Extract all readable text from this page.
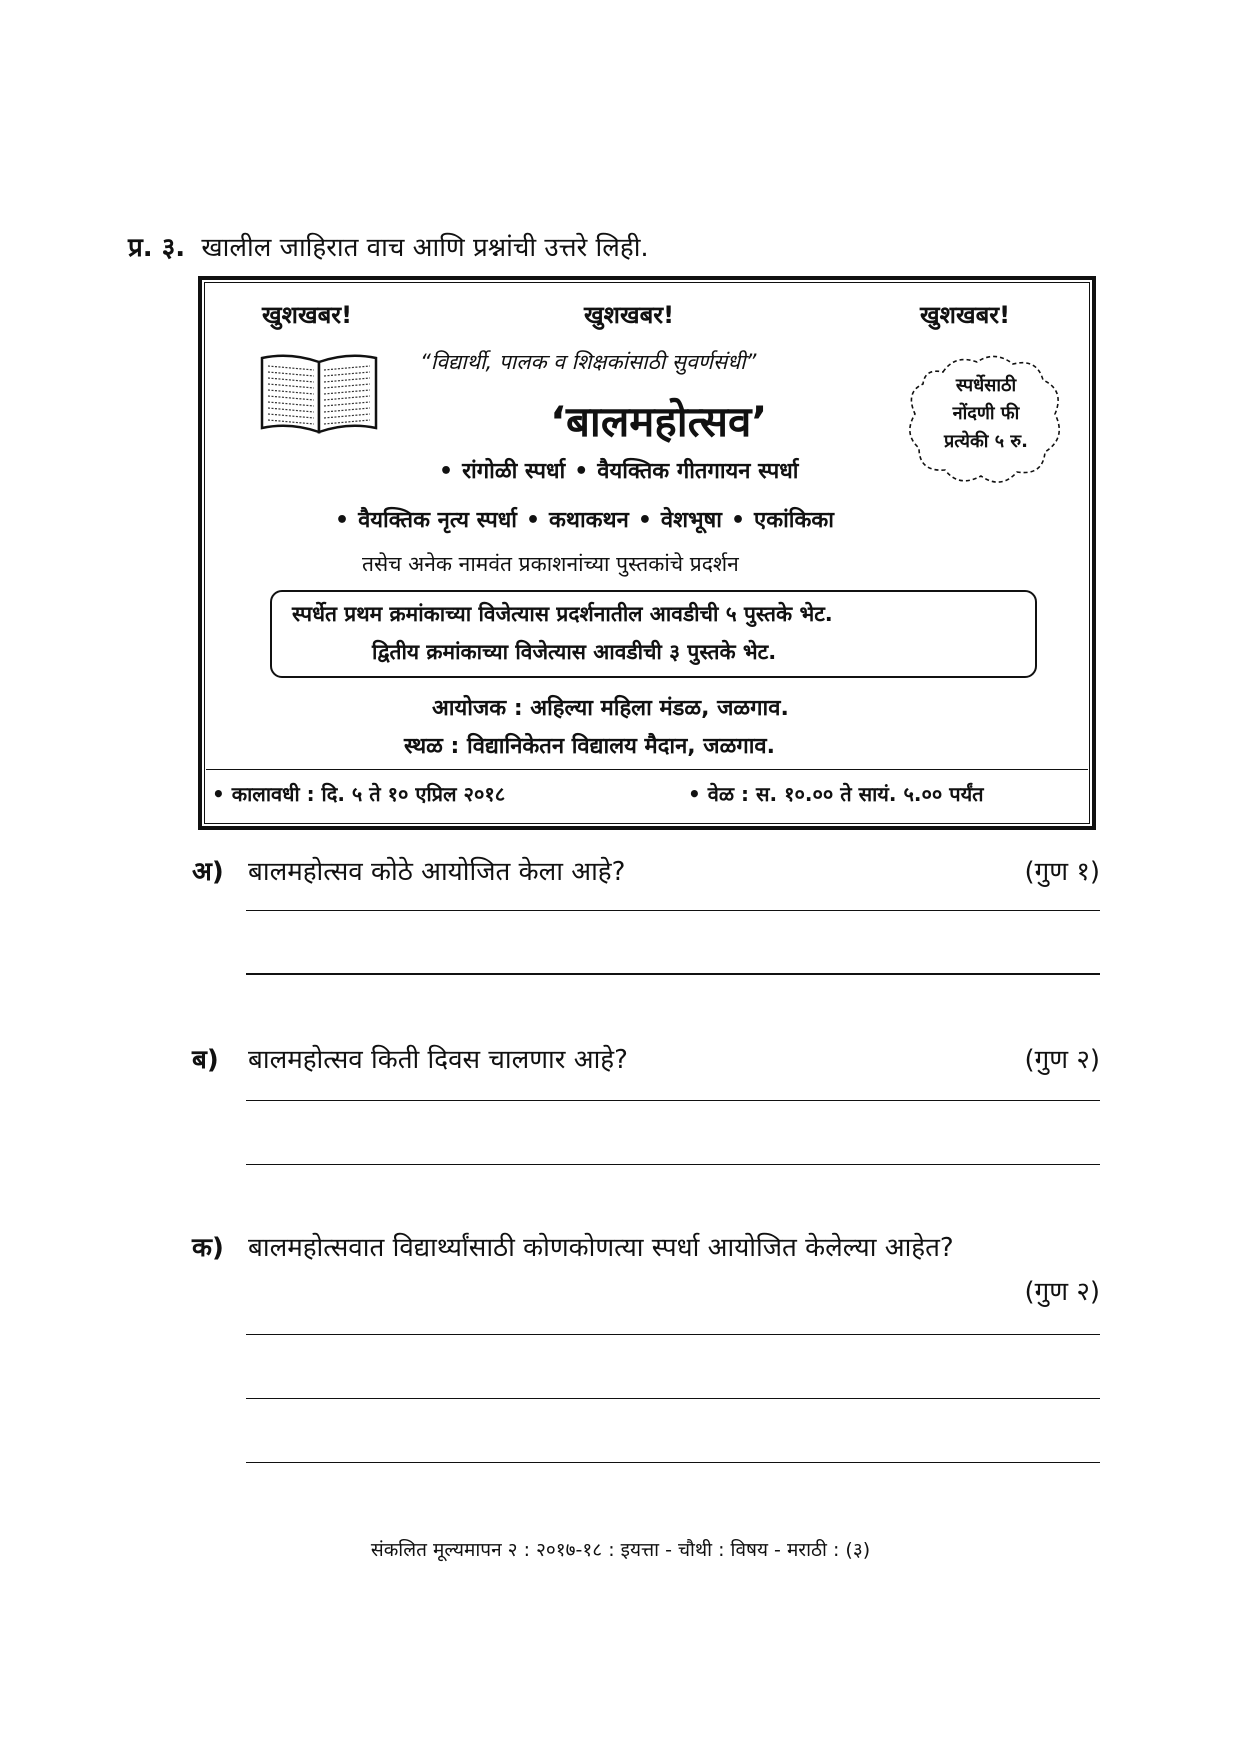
प्र. ३. खालील जाहिरात वाच आणि प्रश्नांची उत्तरे लिही.
खुशखबर!	खुशखबर!	खुशखबर!
“विद्यार्थी, पालक व शिक्षकांसाठी सुवर्णसंधी”
‘बालमहोत्सव’
स्पर्धेसाठी
नोंदणी फी
प्रत्येकी ५ रु.
• रांगोळी स्पर्धा • वैयक्तिक गीतगायन स्पर्धा
• वैयक्तिक नृत्य स्पर्धा • कथाकथन • वेशभूषा • एकांकिका
तसेच अनेक नामवंत प्रकाशनांच्या पुस्तकांचे प्रदर्शन
स्पर्धेत प्रथम क्रमांकाच्या विजेत्यास प्रदर्शनातील आवडीची ५ पुस्तके भेट.
द्वितीय क्रमांकाच्या विजेत्यास आवडीची ३ पुस्तके भेट.
आयोजक : अहिल्या महिला मंडळ, जळगाव.
स्थळ : विद्यानिकेतन विद्यालय मैदान, जळगाव.
• कालावधी : दि. ५ ते १० एप्रिल २०१८	• वेळ : स. १०.०० ते सायं. ५.०० पर्यंत
अ) बालमहोत्सव कोठे आयोजित केला आहे?	(गुण १)
ब) बालमहोत्सव किती दिवस चालणार आहे?	(गुण २)
क) बालमहोत्सवात विद्यार्थ्यांसाठी कोणकोणत्या स्पर्धा आयोजित केलेल्या आहेत?
(गुण २)
संकलित मूल्यमापन २ : २०१७-१८ : इयत्ता - चौथी : विषय - मराठी : (३)
